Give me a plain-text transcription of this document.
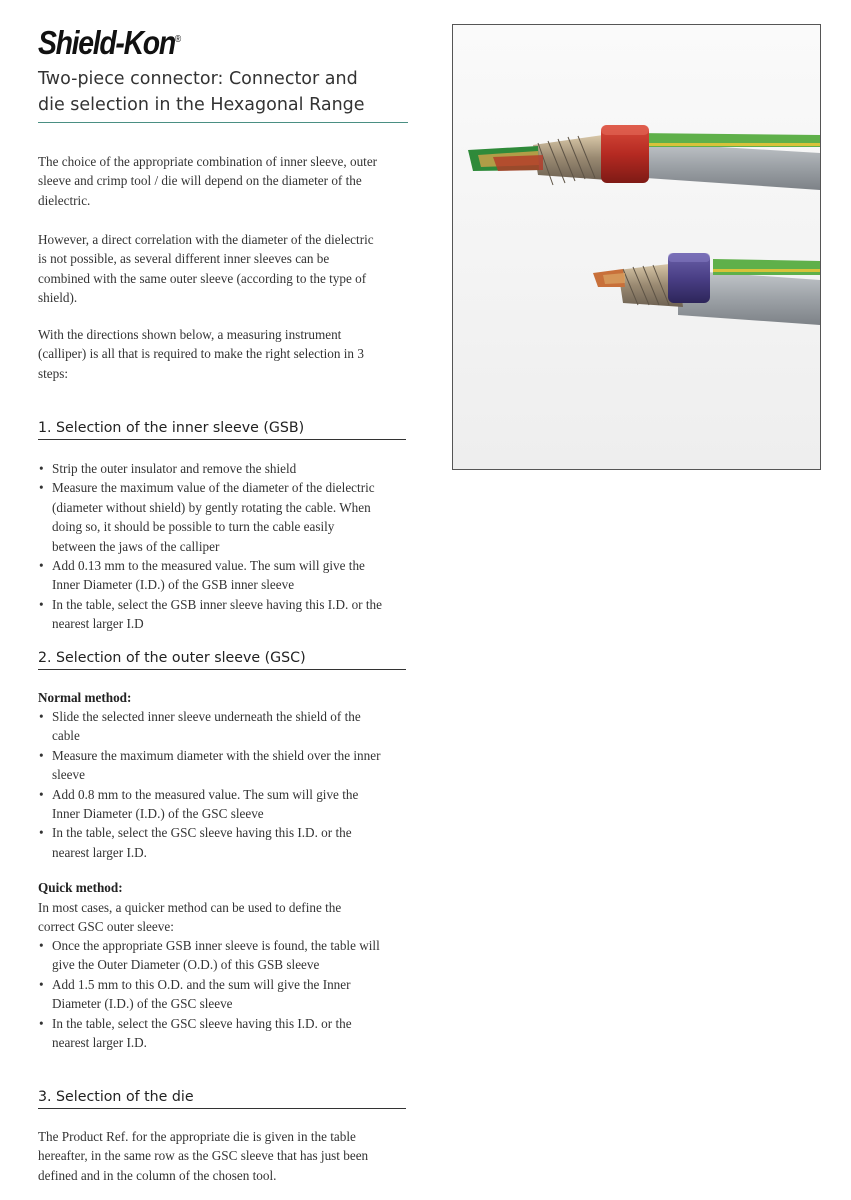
Shield-Kon®
Two-piece connector: Connector and
die selection in the Hexagonal Range
The choice of the appropriate combination of inner sleeve, outer
sleeve and crimp tool / die will depend on the diameter of the
dielectric.
However, a direct correlation with the diameter of the dielectric
is not possible, as several different inner sleeves can be
combined with the same outer sleeve (according to the type of
shield).
With the directions shown below, a measuring instrument
(calliper) is all that is required to make the right selection in 3
steps:
1. Selection of the inner sleeve (GSB)
• Strip the outer insulator and remove the shield
• Measure the maximum value of the diameter of the dielectric
(diameter without shield) by gently rotating the cable. When
doing so, it should be possible to turn the cable easily
between the jaws of the calliper
• Add 0.13 mm to the measured value. The sum will give the
Inner Diameter (I.D.) of the GSB inner sleeve
• In the table, select the GSB inner sleeve having this I.D. or the
nearest larger I.D
2. Selection of the outer sleeve (GSC)
Normal method:
• Slide the selected inner sleeve underneath the shield of the
cable
• Measure the maximum diameter with the shield over the inner
sleeve
• Add 0.8 mm to the measured value. The sum will give the
Inner Diameter (I.D.) of the GSC sleeve
• In the table, select the GSC sleeve having this I.D. or the
nearest larger I.D.
Quick method:
In most cases, a quicker method can be used to define the
correct GSC outer sleeve:
• Once the appropriate GSB inner sleeve is found, the table will
give the Outer Diameter (O.D.) of this GSB sleeve
• Add 1.5 mm to this O.D. and the sum will give the Inner
Diameter (I.D.) of the GSC sleeve
• In the table, select the GSC sleeve having this I.D. or the
nearest larger I.D.
3. Selection of the die
The Product Ref. for the appropriate die is given in the table
hereafter, in the same row as the GSC sleeve that has just been
defined and in the column of the chosen tool.
